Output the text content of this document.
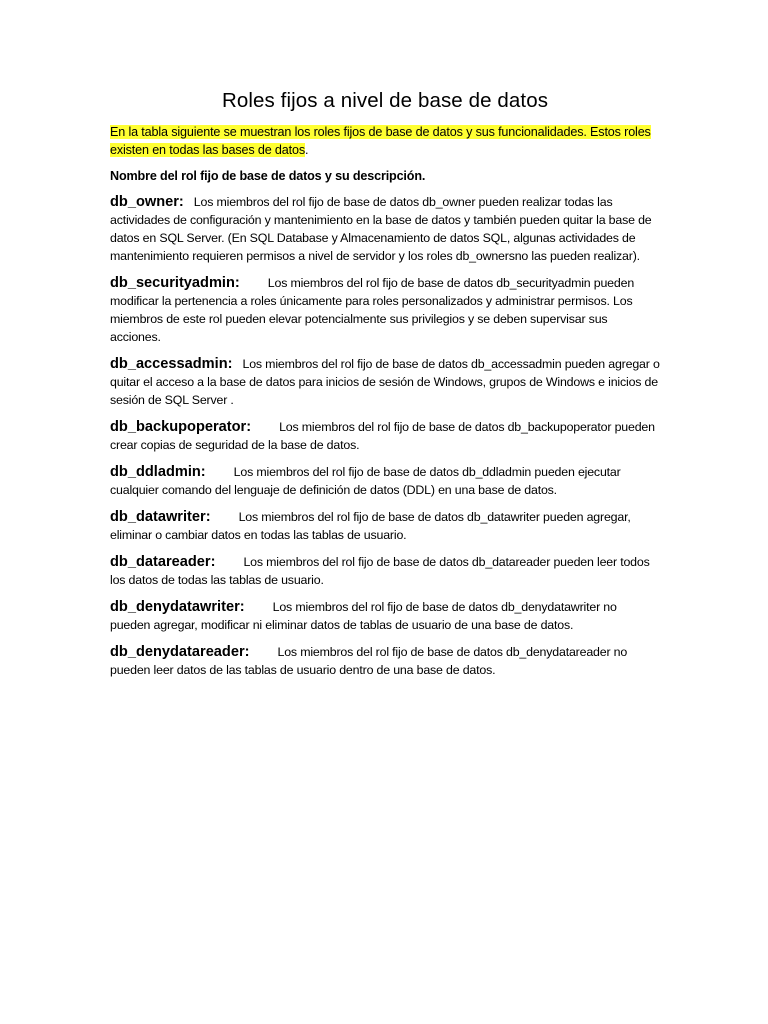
Roles fijos a nivel de base de datos

En la tabla siguiente se muestran los roles fijos de base de datos y sus funcionalidades. Estos roles existen en todas las bases de datos.

Nombre del rol fijo de base de datos y su descripción.

db_owner: Los miembros del rol fijo de base de datos db_owner pueden realizar todas las actividades de configuración y mantenimiento en la base de datos y también pueden quitar la base de datos en SQL Server. (En SQL Database y Almacenamiento de datos SQL, algunas actividades de mantenimiento requieren permisos a nivel de servidor y los roles db_ownersno las pueden realizar).

db_securityadmin: Los miembros del rol fijo de base de datos db_securityadmin pueden modificar la pertenencia a roles únicamente para roles personalizados y administrar permisos. Los miembros de este rol pueden elevar potencialmente sus privilegios y se deben supervisar sus acciones.

db_accessadmin: Los miembros del rol fijo de base de datos db_accessadmin pueden agregar o quitar el acceso a la base de datos para inicios de sesión de Windows, grupos de Windows e inicios de sesión de SQL Server .

db_backupoperator: Los miembros del rol fijo de base de datos db_backupoperator pueden crear copias de seguridad de la base de datos.

db_ddladmin: Los miembros del rol fijo de base de datos db_ddladmin pueden ejecutar cualquier comando del lenguaje de definición de datos (DDL) en una base de datos.

db_datawriter: Los miembros del rol fijo de base de datos db_datawriter pueden agregar, eliminar o cambiar datos en todas las tablas de usuario.

db_datareader: Los miembros del rol fijo de base de datos db_datareader pueden leer todos los datos de todas las tablas de usuario.

db_denydatawriter: Los miembros del rol fijo de base de datos db_denydatawriter no pueden agregar, modificar ni eliminar datos de tablas de usuario de una base de datos.

db_denydatareader: Los miembros del rol fijo de base de datos db_denydatareader no pueden leer datos de las tablas de usuario dentro de una base de datos.
